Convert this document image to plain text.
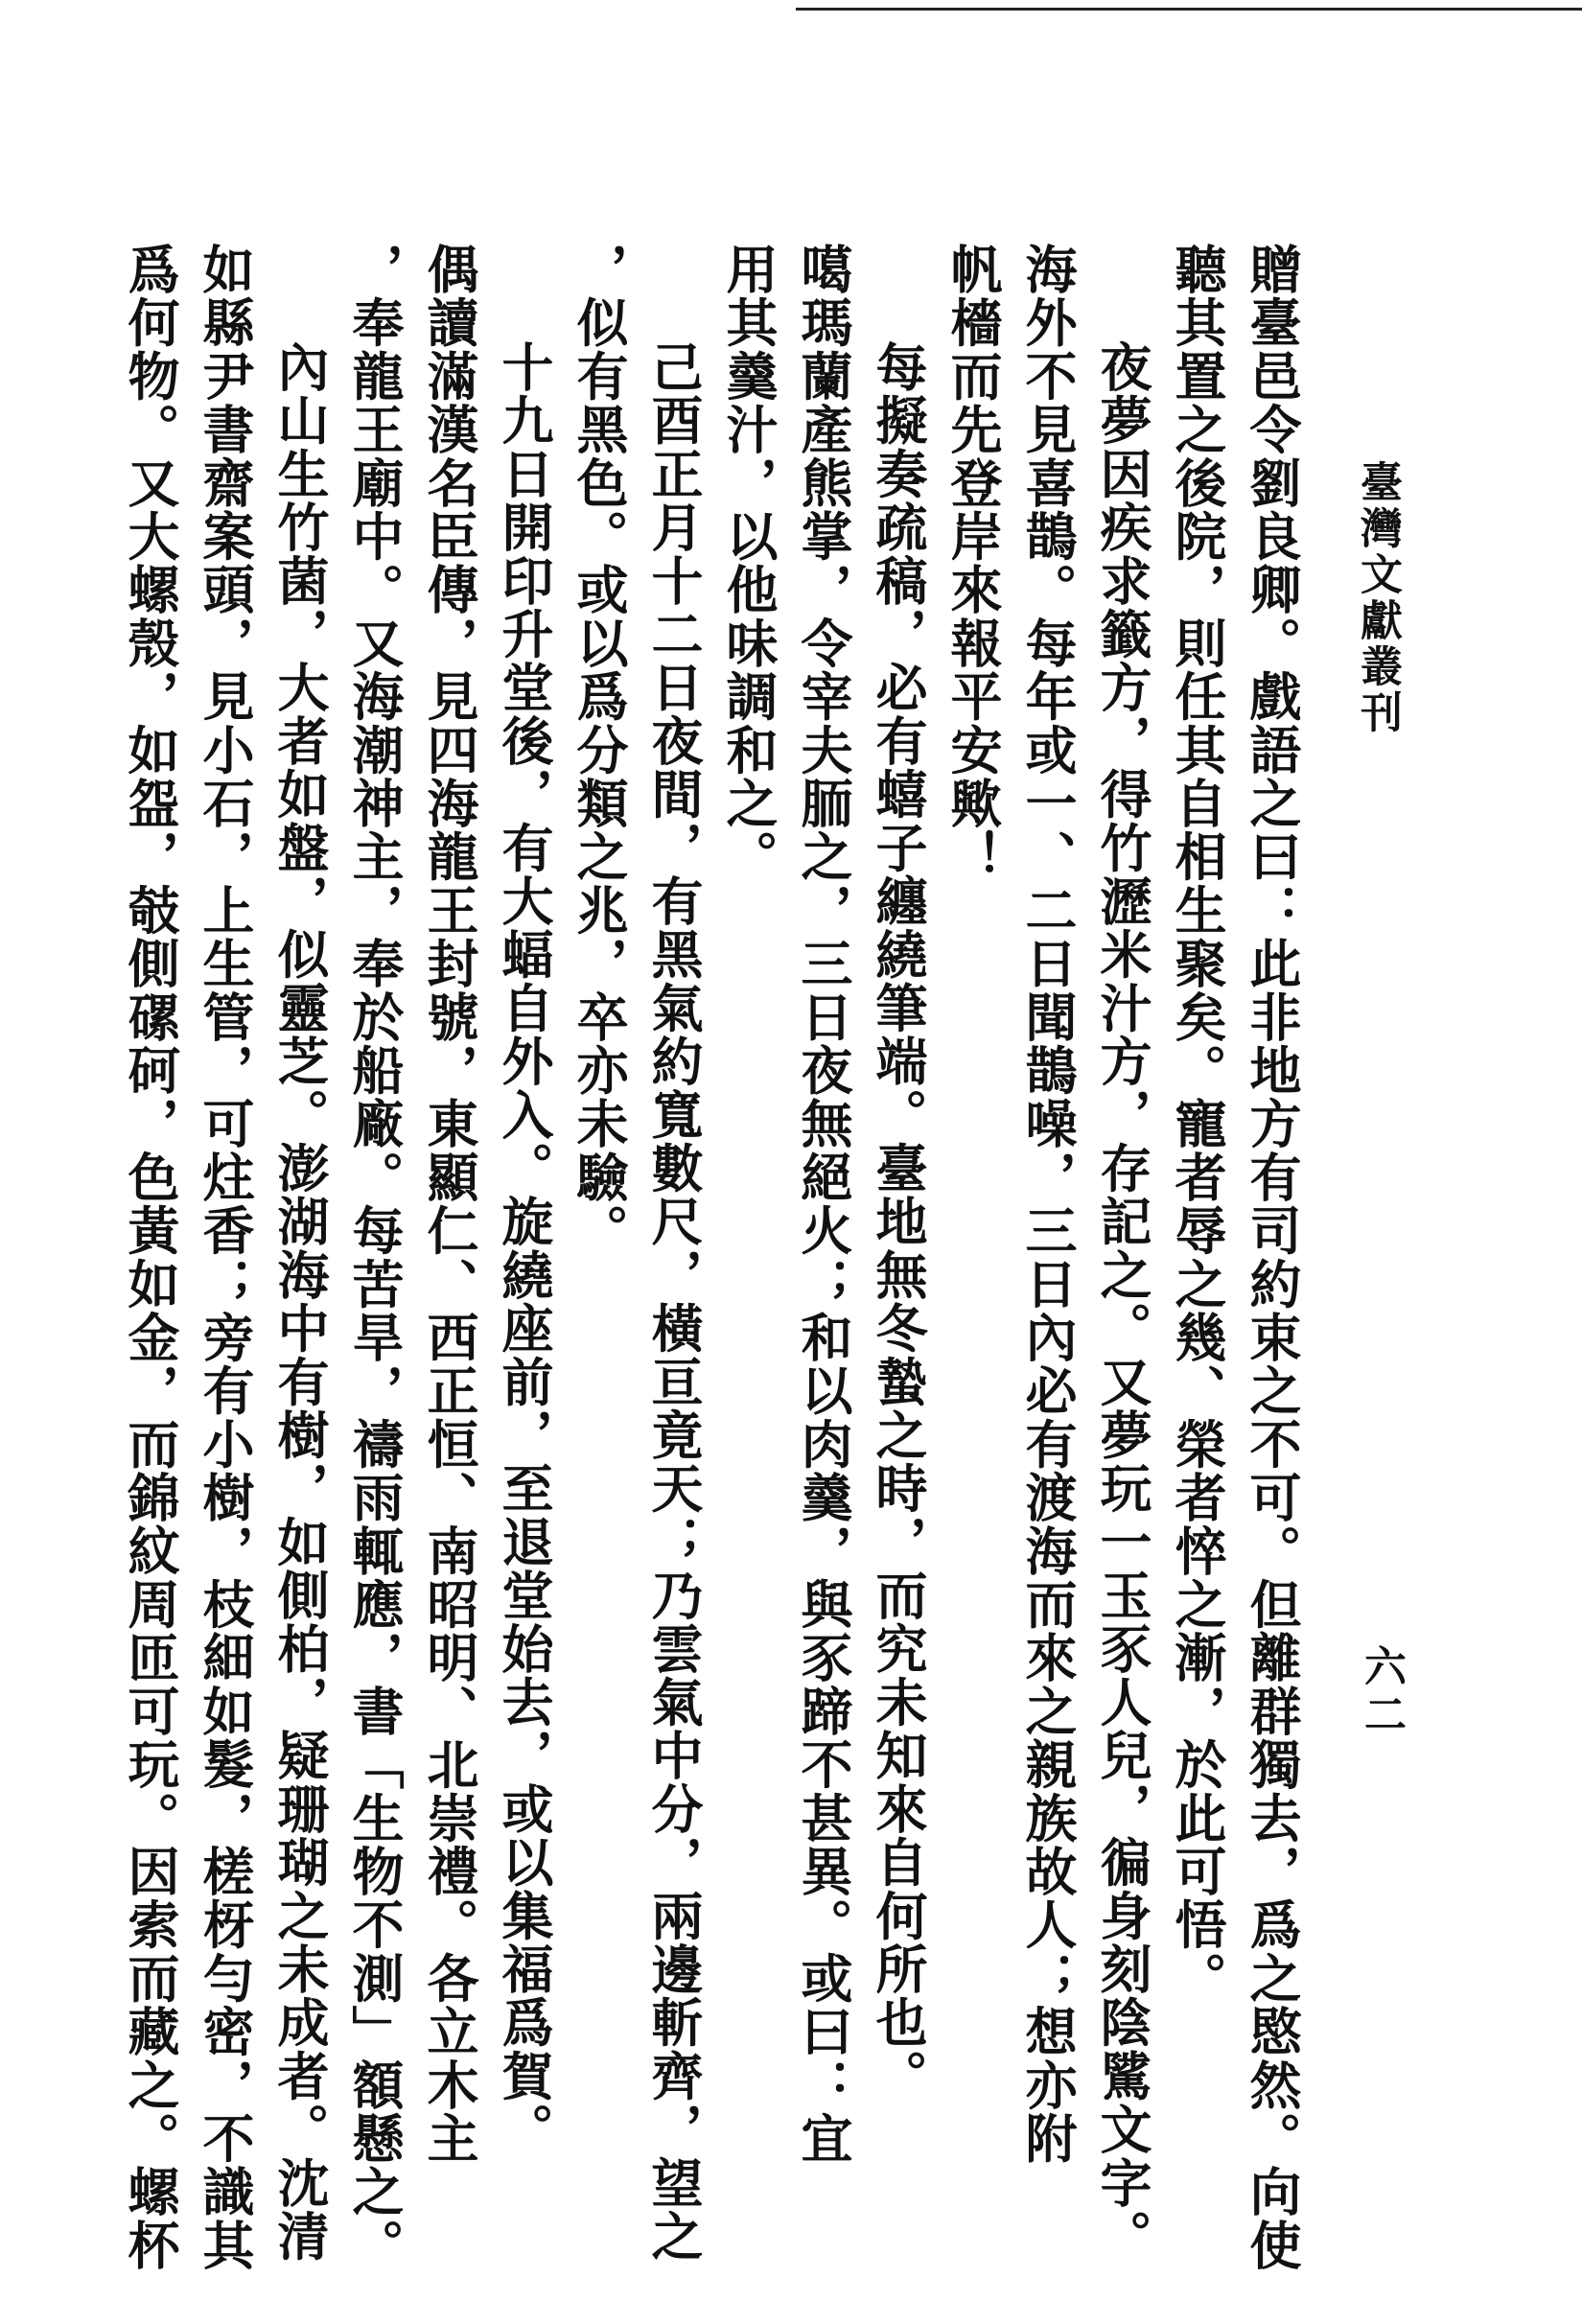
臺灣文獻叢刊
六二
贈臺邑令劉良卿。戲語之曰：此非地方有司約束之不可。但離群獨去，爲之愍然。向使
聽其置之後院，則任其自相生聚矣。寵者辱之幾、榮者悴之漸，於此可悟。
夜夢因疾求籤方，得竹瀝米汁方，存記之。又夢玩一玉豕人兒，徧身刻陰騭文字。
海外不見喜鵲。每年或一、二日聞鵲噪，三日內必有渡海而來之親族故人；想亦附
帆檣而先登岸來報平安歟！
每擬奏疏稿，必有蟢子纏繞筆端。臺地無冬蟄之時，而究未知來自何所也。
噶瑪蘭產熊掌，令宰夫胹之，三日夜無絕火；和以肉羹，與豕蹄不甚異。或曰：宜
用其羹汁，以他味調和之。
己酉正月十二日夜間，有黑氣約寬數尺，橫亘竟天；乃雲氣中分，兩邊斬齊，望之
，似有黑色。或以爲分類之兆，卒亦未驗。
十九日開印升堂後，有大蝠自外入。旋繞座前，至退堂始去，或以集福爲賀。
偶讀滿漢名臣傳，見四海龍王封號，東顯仁、西正恒、南昭明、北崇禮。各立木主
，奉龍王廟中。又海潮神主，奉於船廠。每苦旱，禱雨輒應，書「生物不測」額懸之。
內山生竹菌，大者如盤，似靈芝。澎湖海中有樹，如側柏，疑珊瑚之未成者。沈清
如縣尹書齋案頭，見小石，上生管，可炷香；旁有小樹，枝細如髮，槎枒勻密，不識其
爲何物。又大螺殼，如盌，攲側磥砢，色黃如金，而錦紋周匝可玩。因索而藏之。螺杯
